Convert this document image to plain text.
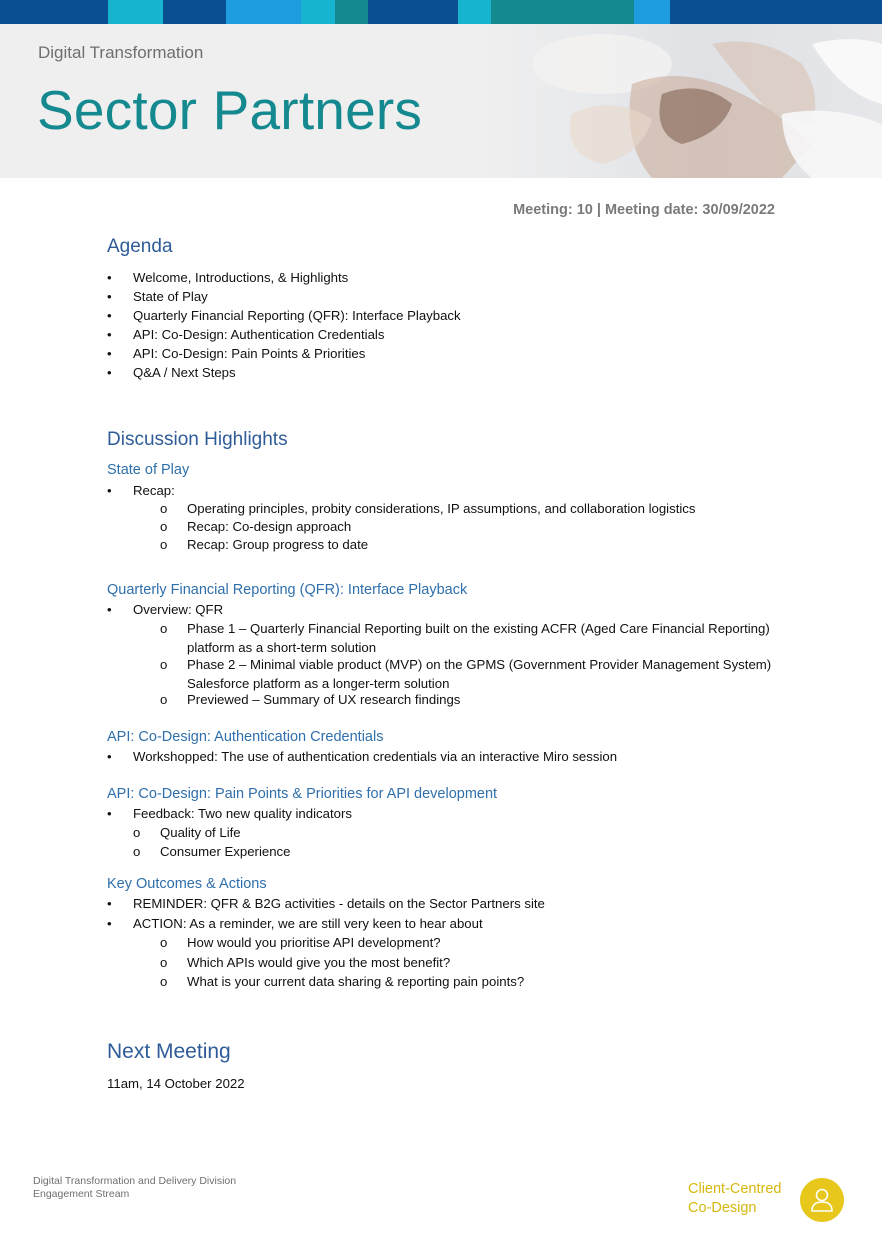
Digital Transformation
Sector Partners
Meeting: 10 | Meeting date: 30/09/2022
Agenda
• Welcome, Introductions, & Highlights
• State of Play
• Quarterly Financial Reporting (QFR): Interface Playback
• API: Co-Design: Authentication Credentials
• API: Co-Design: Pain Points & Priorities
• Q&A / Next Steps
Discussion Highlights
State of Play
• Recap:
o Operating principles, probity considerations, IP assumptions, and collaboration logistics
o Recap: Co-design approach
o Recap: Group progress to date
Quarterly Financial Reporting (QFR): Interface Playback
• Overview: QFR
o Phase 1 – Quarterly Financial Reporting built on the existing ACFR (Aged Care Financial Reporting) platform as a short-term solution
o Phase 2 – Minimal viable product (MVP) on the GPMS (Government Provider Management System) Salesforce platform as a longer-term solution
o Previewed – Summary of UX research findings
API: Co-Design: Authentication Credentials
• Workshopped: The use of authentication credentials via an interactive Miro session
API: Co-Design: Pain Points & Priorities for API development
• Feedback: Two new quality indicators
o Quality of Life
o Consumer Experience
Key Outcomes & Actions
• REMINDER: QFR & B2G activities - details on the Sector Partners site
• ACTION: As a reminder, we are still very keen to hear about
o How would you prioritise API development?
o Which APIs would give you the most benefit?
o What is your current data sharing & reporting pain points?
Next Meeting
11am, 14 October 2022
Digital Transformation and Delivery Division
Engagement Stream	Client-Centred
Co-Design
